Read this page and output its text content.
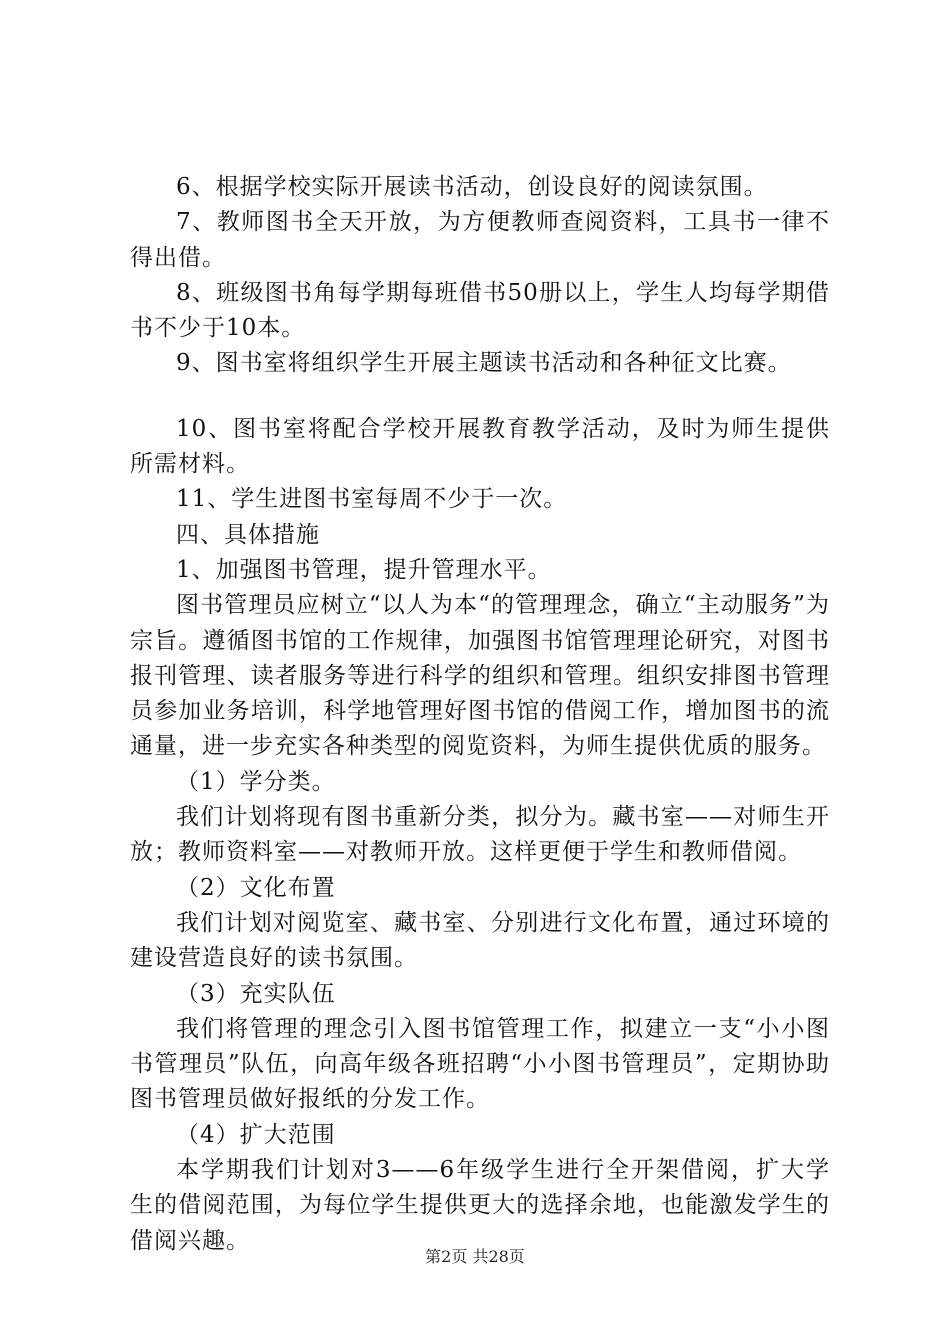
6、根据学校实际开展读书活动，创设良好的阅读氛围。

7、教师图书全天开放，为方便教师查阅资料，工具书一律不得出借。

8、班级图书角每学期每班借书50册以上，学生人均每学期借书不少于10本。

9、图书室将组织学生开展主题读书活动和各种征文比赛。

10、图书室将配合学校开展教育教学活动，及时为师生提供所需材料。

11、学生进图书室每周不少于一次。

四、具体措施

1、加强图书管理，提升管理水平。

图书管理员应树立“以人为本“的管理理念，确立“主动服务”为宗旨。遵循图书馆的工作规律，加强图书馆管理理论研究，对图书报刊管理、读者服务等进行科学的组织和管理。组织安排图书管理员参加业务培训，科学地管理好图书馆的借阅工作，增加图书的流通量，进一步充实各种类型的阅览资料，为师生提供优质的服务。

（1）学分类。

我们计划将现有图书重新分类，拟分为。藏书室——对师生开放；教师资料室——对教师开放。这样更便于学生和教师借阅。

（2）文化布置

我们计划对阅览室、藏书室、分别进行文化布置，通过环境的建设营造良好的读书氛围。

（3）充实队伍

我们将管理的理念引入图书馆管理工作，拟建立一支“小小图书管理员”队伍，向高年级各班招聘“小小图书管理员”，定期协助图书管理员做好报纸的分发工作。

（4）扩大范围

本学期我们计划对3——6年级学生进行全开架借阅，扩大学生的借阅范围，为每位学生提供更大的选择余地，也能激发学生的借阅兴趣。

第2页 共28页
